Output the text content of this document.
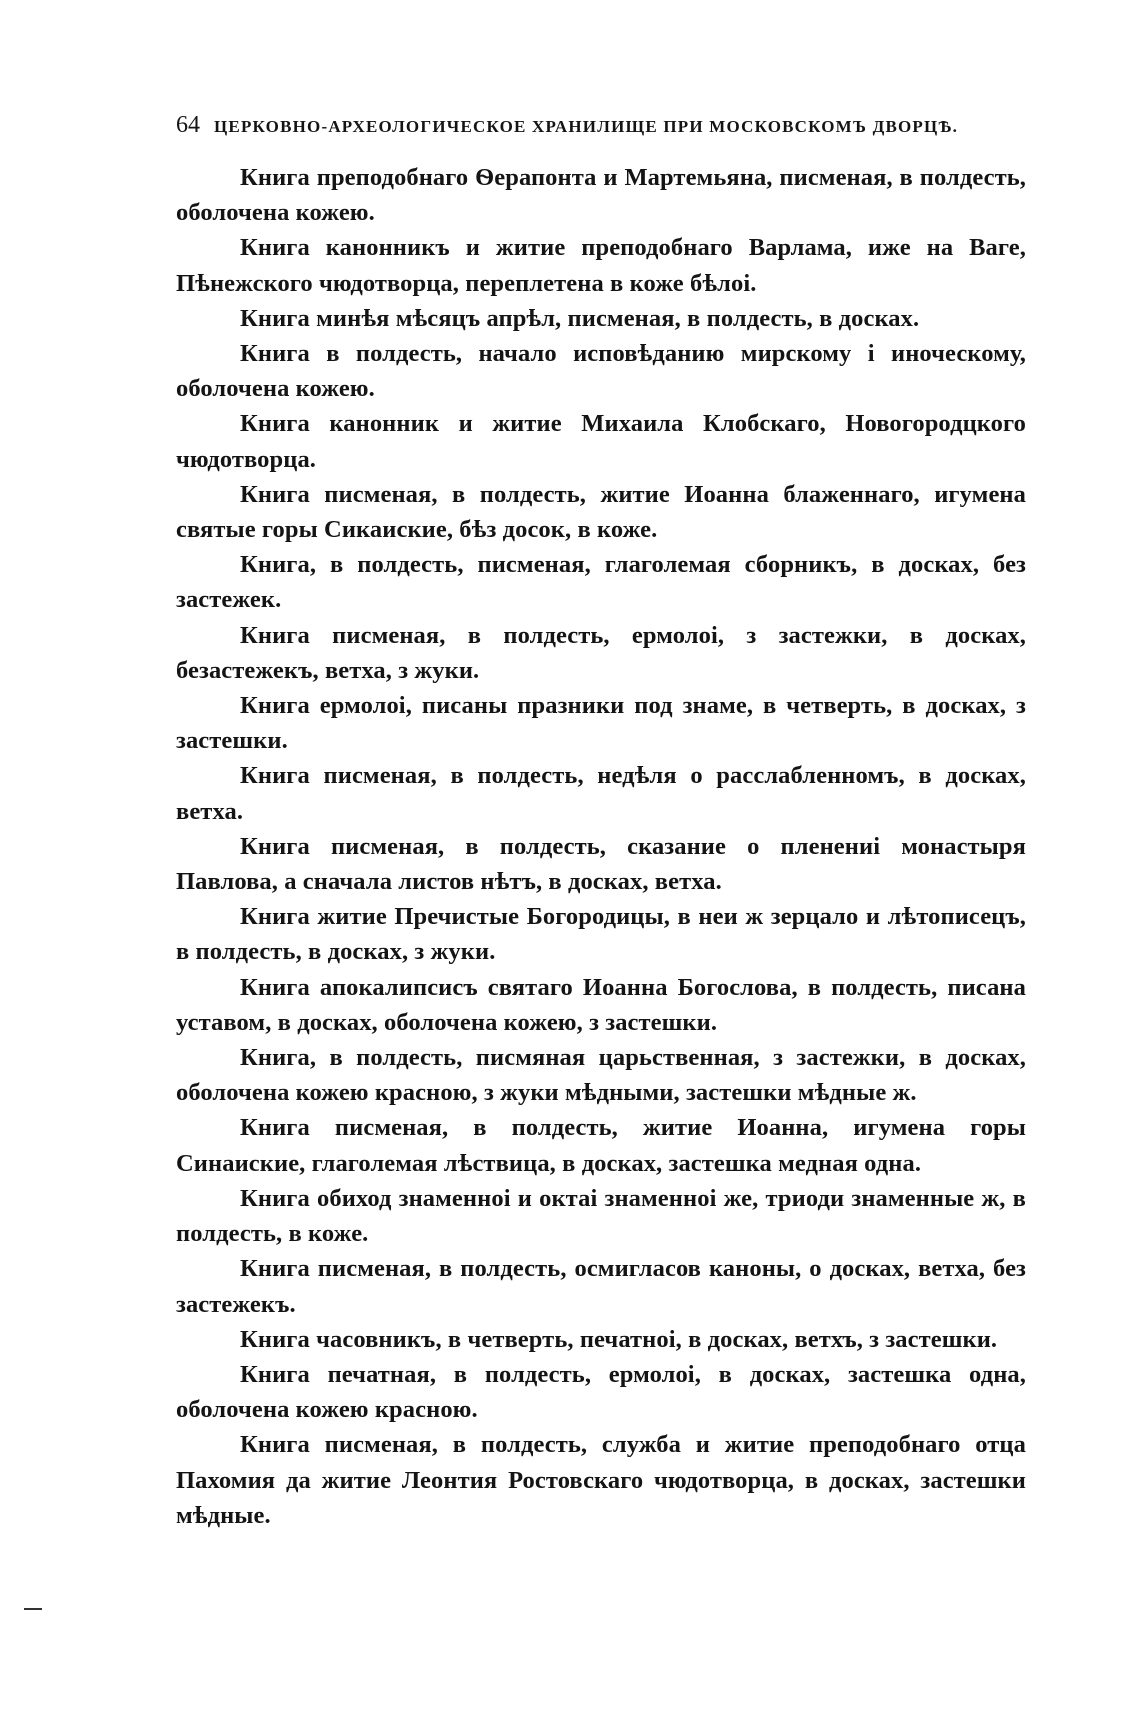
64 ЦЕРКОВНО-АРХЕОЛОГИЧЕСКОЕ ХРАНИЛИЩЕ ПРИ МОСКОВСКОМЪ ДВОРЦѢ.

Книга преподобнаго Ѳерапонта и Мартемьяна, писменая, в полдесть, оболочена кожею.

Книга канонникъ и житие преподобнаго Варлама, иже на Ваге, Пѣнежского чюдотворца, переплетена в коже бѣлоі.

Книга минѣя мѣсяцъ апрѣл, писменая, в полдесть, в досках.

Книга в полдесть, начало исповѣданию мирскому і иноческому, оболочена кожею.

Книга канонник и житие Михаила Клобскаго, Новогородцкого чюдотворца.

Книга писменая, в полдесть, житие Иоанна блаженнаго, игумена святые горы Сикаиские, бѣз досок, в коже.

Книга, в полдесть, писменая, глаголемая сборникъ, в досках, без застежек.

Книга писменая, в полдесть, ермолоі, з застежки, в досках, безастежекъ, ветха, з жуки.

Книга ермолоі, писаны празники под знаме, в четверть, в досках, з застешки.

Книга писменая, в полдесть, недѣля о расслабленномъ, в досках, ветха.

Книга писменая, в полдесть, сказание о пленениі монастыря Павлова, а сначала листов нѣтъ, в досках, ветха.

Книга житие Пречистые Богородицы, в неи ж зерцало и лѣтописецъ, в полдесть, в досках, з жуки.

Книга апокалипсисъ святаго Иоанна Богослова, в полдесть, писана уставом, в досках, оболочена кожею, з застешки.

Книга, в полдесть, писмяная царьственная, з застежки, в досках, оболочена кожею красною, з жуки мѣдными, застешки мѣдные ж.

Книга писменая, в полдесть, житие Иоанна, игумена горы Синаиские, глаголемая лѣствица, в досках, застешка медная одна.

Книга обиход знаменноі и октаі знаменноі же, триоди знаменные ж, в полдесть, в коже.

Книга писменая, в полдесть, осмигласов каноны, о досках, ветха, без застежекъ.

Книга часовникъ, в четверть, печатноі, в досках, ветхъ, з застешки.

Книга печатная, в полдесть, ермолоі, в досках, застешка одна, оболочена кожею красною.

Книга писменая, в полдесть, служба и житие преподобнаго отца Пахомия да житие Леонтия Ростовскаго чюдотворца, в досках, застешки мѣдные.
